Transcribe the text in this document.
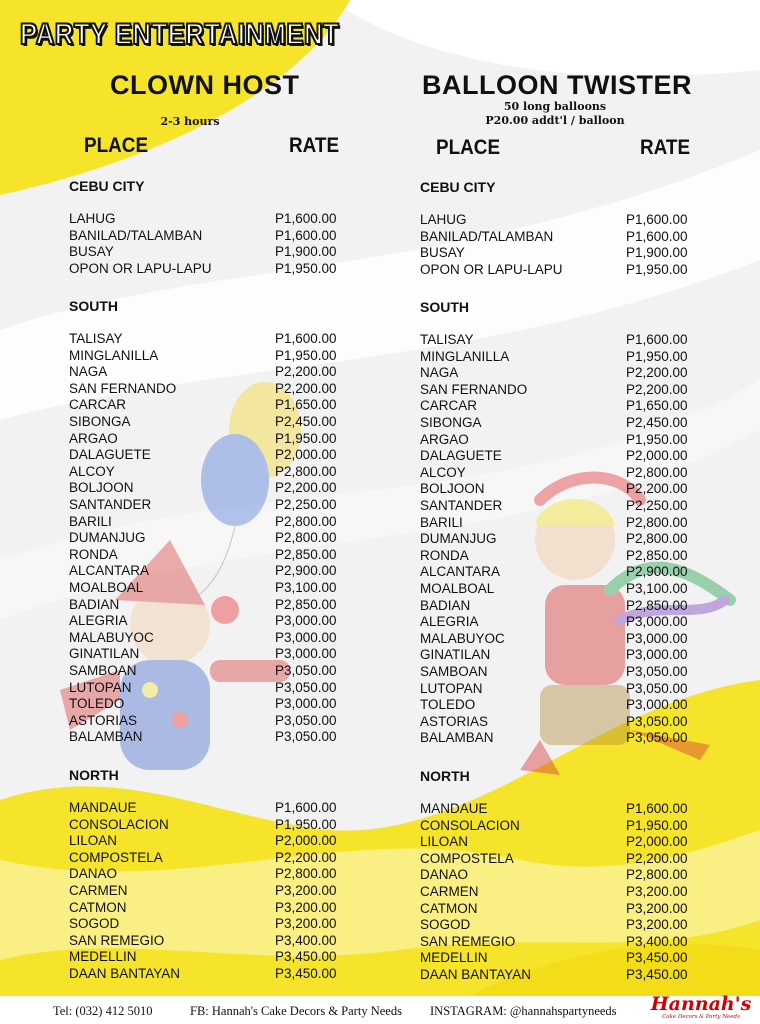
PARTY ENTERTAINMENT
CLOWN HOST
2-3 hours
PLACE	RATE
BALLOON TWISTER
50 long balloons
P20.00 addt'l / balloon
PLACE	RATE
CEBU CITY
LAHUG	P1,600.00
BANILAD/TALAMBAN	P1,600.00
BUSAY	P1,900.00
OPON OR LAPU-LAPU	P1,950.00
SOUTH
TALISAY	P1,600.00
MINGLANILLA	P1,950.00
NAGA	P2,200.00
SAN FERNANDO	P2,200.00
CARCAR	P1,650.00
SIBONGA	P2,450.00
ARGAO	P1,950.00
DALAGUETE	P2,000.00
ALCOY	P2,800.00
BOLJOON	P2,200.00
SANTANDER	P2,250.00
BARILI	P2,800.00
DUMANJUG	P2,800.00
RONDA	P2,850.00
ALCANTARA	P2,900.00
MOALBOAL	P3,100.00
BADIAN	P2,850.00
ALEGRIA	P3,000.00
MALABUYOC	P3,000.00
GINATILAN	P3,000.00
SAMBOAN	P3,050.00
LUTOPAN	P3,050.00
TOLEDO	P3,000.00
ASTORIAS	P3,050.00
BALAMBAN	P3,050.00
NORTH
MANDAUE	P1,600.00
CONSOLACION	P1,950.00
LILOAN	P2,000.00
COMPOSTELA	P2,200.00
DANAO	P2,800.00
CARMEN	P3,200.00
CATMON	P3,200.00
SOGOD	P3,200.00
SAN REMEGIO	P3,400.00
MEDELLIN	P3,450.00
DAAN BANTAYAN	P3,450.00
CEBU CITY
LAHUG	P1,600.00
BANILAD/TALAMBAN	P1,600.00
BUSAY	P1,900.00
OPON OR LAPU-LAPU	P1,950.00
SOUTH
TALISAY	P1,600.00
MINGLANILLA	P1,950.00
NAGA	P2,200.00
SAN FERNANDO	P2,200.00
CARCAR	P1,650.00
SIBONGA	P2,450.00
ARGAO	P1,950.00
DALAGUETE	P2,000.00
ALCOY	P2,800.00
BOLJOON	P2,200.00
SANTANDER	P2,250.00
BARILI	P2,800.00
DUMANJUG	P2,800.00
RONDA	P2,850.00
ALCANTARA	P2,900.00
MOALBOAL	P3,100.00
BADIAN	P2,850.00
ALEGRIA	P3,000.00
MALABUYOC	P3,000.00
GINATILAN	P3,000.00
SAMBOAN	P3,050.00
LUTOPAN	P3,050.00
TOLEDO	P3,000.00
ASTORIAS	P3,050.00
BALAMBAN	P3,050.00
NORTH
MANDAUE	P1,600.00
CONSOLACION	P1,950.00
LILOAN	P2,000.00
COMPOSTELA	P2,200.00
DANAO	P2,800.00
CARMEN	P3,200.00
CATMON	P3,200.00
SOGOD	P3,200.00
SAN REMEGIO	P3,400.00
MEDELLIN	P3,450.00
DAAN BANTAYAN	P3,450.00
Tel: (032) 412 5010	FB: Hannah's Cake Decors & Party Needs INSTAGRAM: @hannahspartyneeds Hannah's
Cake Decors & Party Needs
